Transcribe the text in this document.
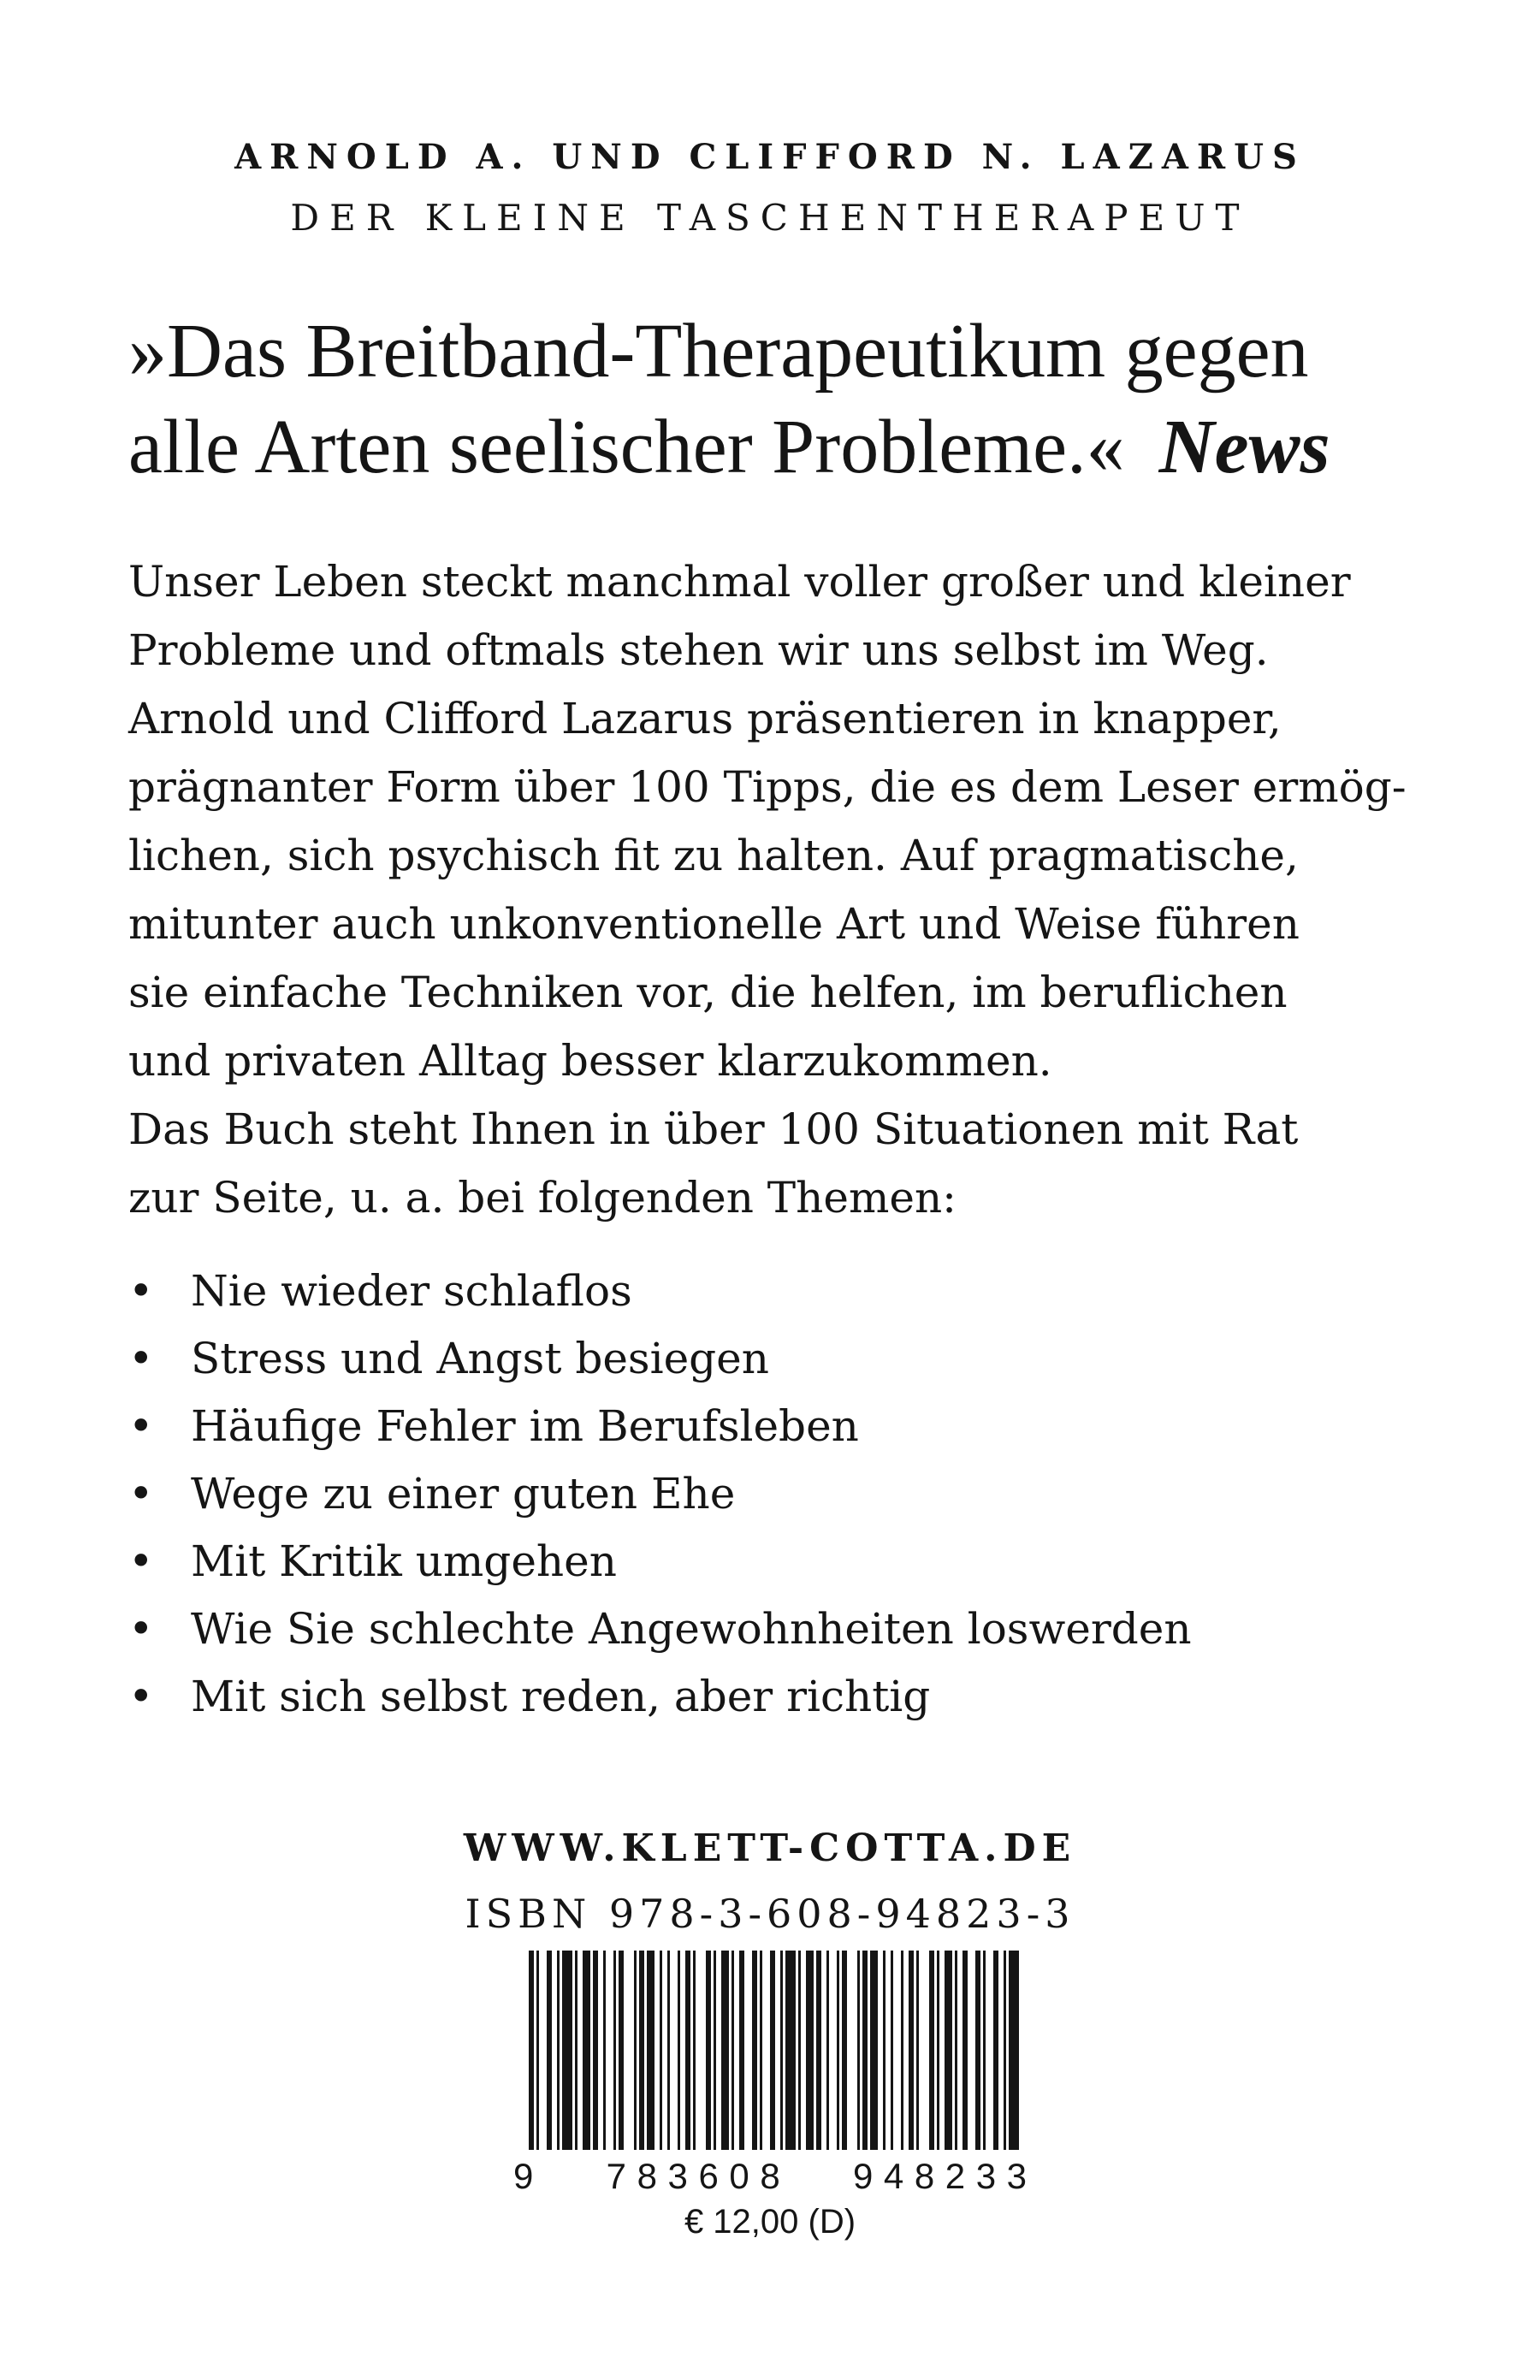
ARNOLD A. UND CLIFFORD N. LAZARUS
DER KLEINE TASCHENTHERAPEUT
»Das Breitband-Therapeutikum gegen alle Arten seelischer Probleme.« News
Unser Leben steckt manchmal voller großer und kleiner
Probleme und oftmals stehen wir uns selbst im Weg.
Arnold und Clifford Lazarus präsentieren in knapper,
prägnanter Form über 100 Tipps, die es dem Leser ermög-
lichen, sich psychisch fit zu halten. Auf pragmatische,
mitunter auch unkonventionelle Art und Weise führen
sie einfache Techniken vor, die helfen, im beruflichen
und privaten Alltag besser klarzukommen.
Das Buch steht Ihnen in über 100 Situationen mit Rat
zur Seite, u. a. bei folgenden Themen:
• Nie wieder schlaflos
• Stress und Angst besiegen
• Häufige Fehler im Berufsleben
• Wege zu einer guten Ehe
• Mit Kritik umgehen
• Wie Sie schlechte Angewohnheiten loswerden
• Mit sich selbst reden, aber richtig
WWW.KLETT-COTTA.DE
ISBN 978-3-608-94823-3
9   783608   948233
€ 12,00 (D)
